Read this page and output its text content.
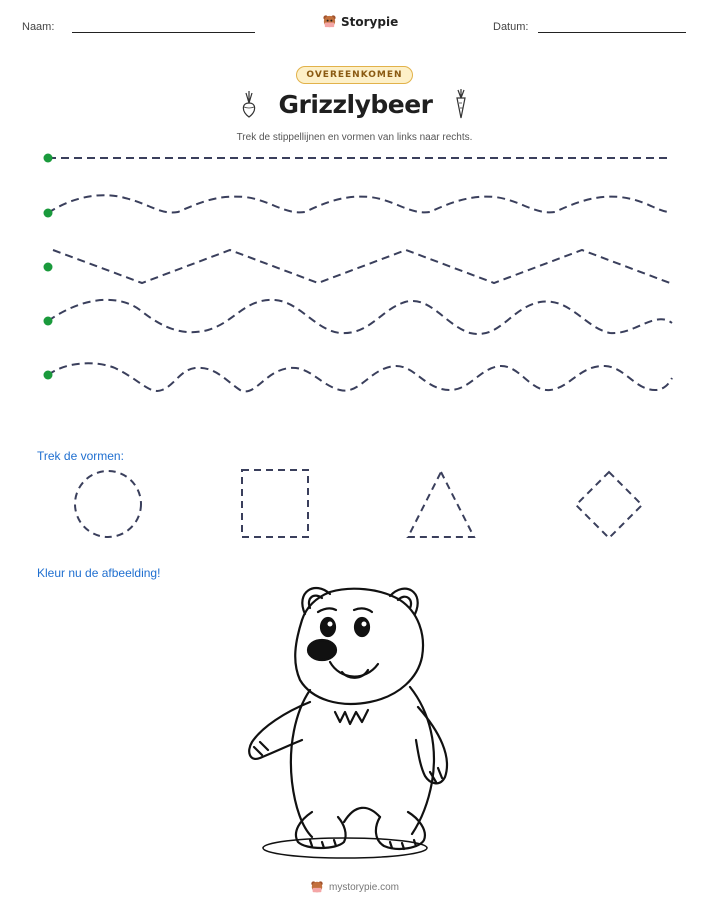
Naam:	Storypie	Datum:
OVEREENKOMEN
Grizzlybeer
Trek de stippellijnen en vormen van links naar rechts.
Trek de vormen:
Kleur nu de afbeelding!
mystorypie.com
